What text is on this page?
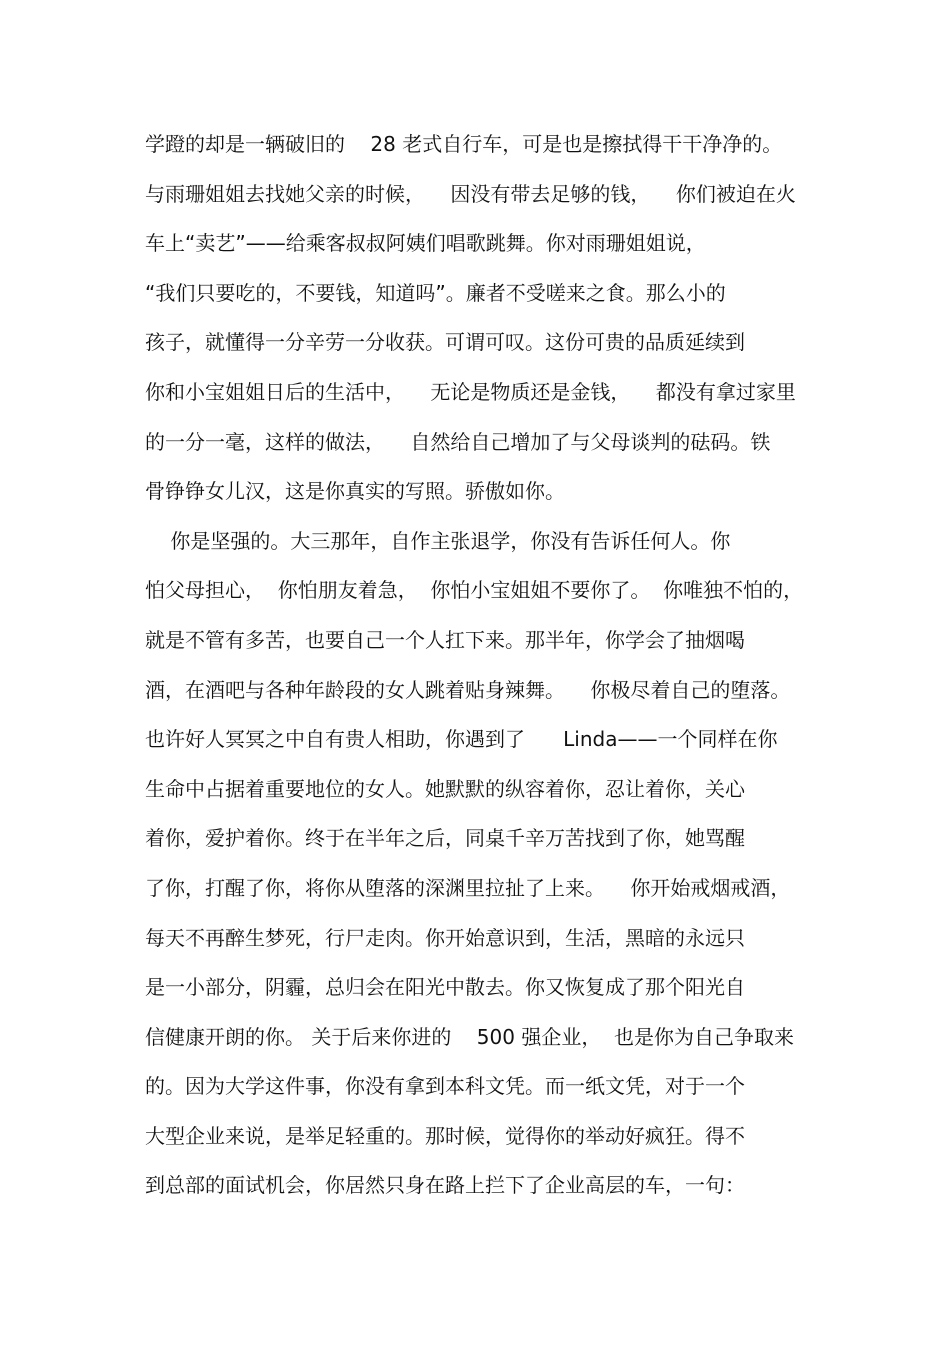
学蹬的却是一辆破旧的    28 老式自行车，可是也是擦拭得干干净净的。
与雨珊姐姐去找她父亲的时候，    因没有带去足够的钱，    你们被迫在火
车上“卖艺”——给乘客叔叔阿姨们唱歌跳舞。你对雨珊姐姐说，
“我们只要吃的，不要钱，知道吗”。廉者不受嗟来之食。那么小的
孩子，就懂得一分辛劳一分收获。可谓可叹。这份可贵的品质延续到
你和小宝姐姐日后的生活中，    无论是物质还是金钱，    都没有拿过家里
的一分一毫，这样的做法，    自然给自己增加了与父母谈判的砝码。铁
骨铮铮女儿汉，这是你真实的写照。骄傲如你。
你是坚强的。大三那年，自作主张退学，你没有告诉任何人。你
怕父母担心，  你怕朋友着急，  你怕小宝姐姐不要你了。  你唯独不怕的，
就是不管有多苦，也要自己一个人扛下来。那半年，你学会了抽烟喝
酒，在酒吧与各种年龄段的女人跳着贴身辣舞。    你极尽着自己的堕落。
也许好人冥冥之中自有贵人相助，你遇到了      Linda——一个同样在你
生命中占据着重要地位的女人。她默默的纵容着你，忍让着你，关心
着你，爱护着你。终于在半年之后，同桌千辛万苦找到了你，她骂醒
了你，打醒了你，将你从堕落的深渊里拉扯了上来。    你开始戒烟戒酒，
每天不再醉生梦死，行尸走肉。你开始意识到，生活，黑暗的永远只
是一小部分，阴霾，总归会在阳光中散去。你又恢复成了那个阳光自
信健康开朗的你。 关于后来你进的    500 强企业，  也是你为自己争取来
的。因为大学这件事，你没有拿到本科文凭。而一纸文凭，对于一个
大型企业来说，是举足轻重的。那时候，觉得你的举动好疯狂。得不
到总部的面试机会，你居然只身在路上拦下了企业高层的车，一句：
